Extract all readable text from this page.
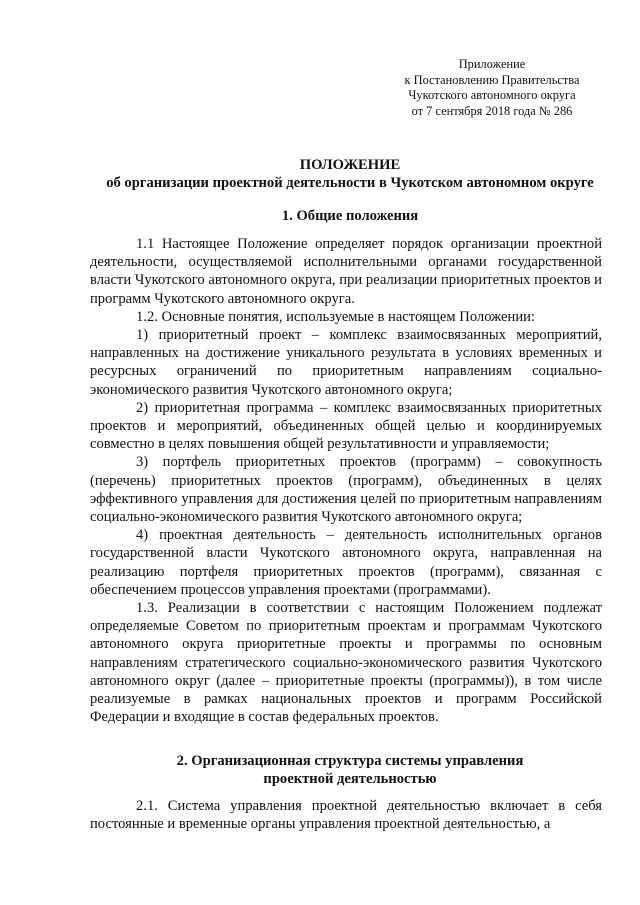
Приложение
к Постановлению Правительства
Чукотского автономного округа
от 7 сентября 2018 года № 286
ПОЛОЖЕНИЕ
об организации проектной деятельности в Чукотском автономном округе
1. Общие положения

1.1 Настоящее Положение определяет порядок организации проектной деятельности, осуществляемой исполнительными органами государственной власти Чукотского автономного округа, при реализации приоритетных проектов и программ Чукотского автономного округа.

1.2. Основные понятия, используемые в настоящем Положении:

1) приоритетный проект – комплекс взаимосвязанных мероприятий, направленных на достижение уникального результата в условиях временных и ресурсных ограничений по приоритетным направлениям социально-экономического развития Чукотского автономного округа;

2) приоритетная программа – комплекс взаимосвязанных приоритетных проектов и мероприятий, объединенных общей целью и координируемых совместно в целях повышения общей результативности и управляемости;

3) портфель приоритетных проектов (программ) – совокупность (перечень) приоритетных проектов (программ), объединенных в целях эффективного управления для достижения целей по приоритетным направлениям социально-экономического развития Чукотского автономного округа;

4) проектная деятельность – деятельность исполнительных органов государственной власти Чукотского автономного округа, направленная на реализацию портфеля приоритетных проектов (программ), связанная с обеспечением процессов управления проектами (программами).

1.3. Реализации в соответствии с настоящим Положением подлежат определяемые Советом по приоритетным проектам и программам Чукотского автономного округа приоритетные проекты и программы по основным направлениям стратегического социально-экономического развития Чукотского автономного округ (далее – приоритетные проекты (программы)), в том числе реализуемые в рамках национальных проектов и программ Российской Федерации и входящие в состав федеральных проектов.

2. Организационная структура системы управления
проектной деятельностью

2.1. Система управления проектной деятельностью включает в себя постоянные и временные органы управления проектной деятельностью, а
